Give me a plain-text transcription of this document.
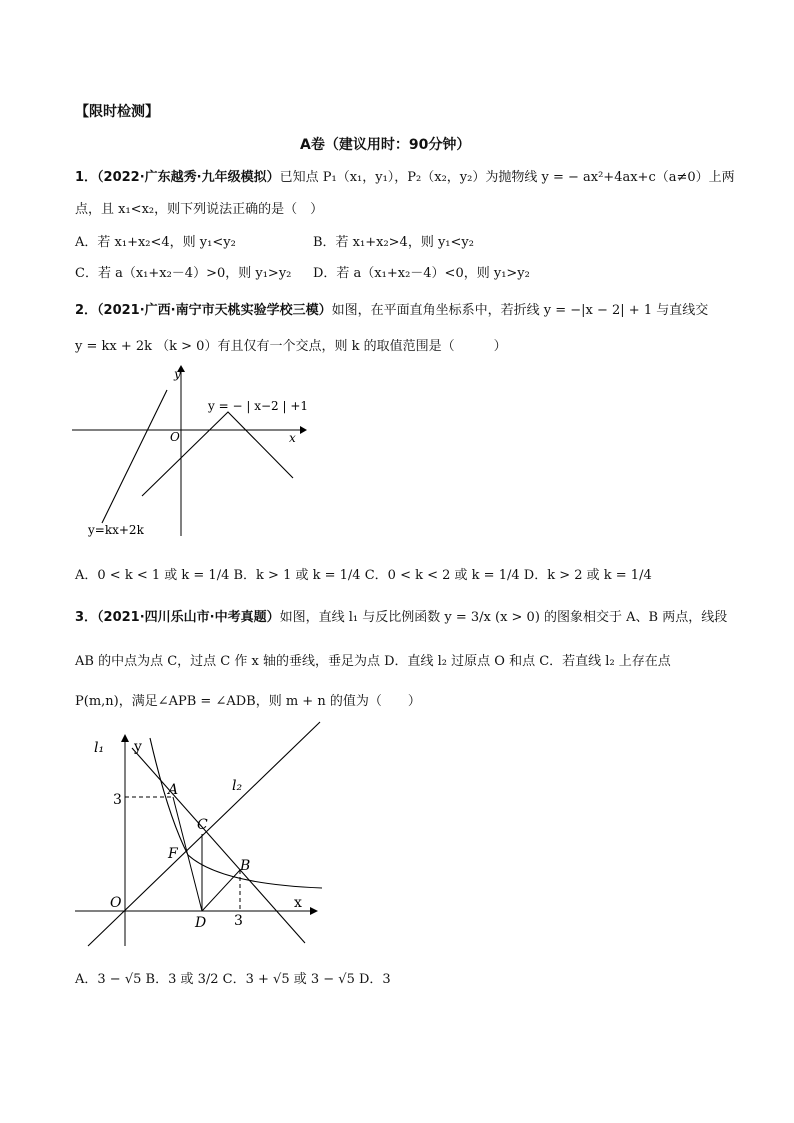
【限时检测】
A卷（建议用时：90分钟）
1．（2022·广东越秀·九年级模拟）已知点 P₁（x₁，y₁），P₂（x₂，y₂）为抛物线 y = − ax²+4ax+c（a≠0）上两
点，且 x₁<x₂，则下列说法正确的是（　）
A．若 x₁+x₂<4，则 y₁<y₂	B．若 x₁+x₂>4，则 y₁<y₂
C．若 a（x₁+x₂－4）>0，则 y₁>y₂ D．若 a（x₁+x₂－4）<0，则 y₁>y₂
2．（2021·广西·南宁市天桃实验学校三模）如图，在平面直角坐标系中，若折线 y = −|x − 2| + 1 与直线交
y = kx + 2k （k > 0）有且仅有一个交点，则 k 的取值范围是（　　　）
y
x
O
y = − | x−2 | +1
y=kx+2k
A．0 < k < 1 或 k = 1/4 B．k > 1 或 k = 1/4 C．0 < k < 2 或 k = 1/4 D．k > 2 或 k = 1/4
3．（2021·四川乐山市·中考真题）如图，直线 l₁ 与反比例函数 y = 3/x (x > 0) 的图象相交于 A、B 两点，线段
AB 的中点为点 C，过点 C 作 x 轴的垂线，垂足为点 D．直线 l₂ 过原点 O 和点 C．若直线 l₂ 上存在点
P(m,n)，满足∠APB = ∠ADB，则 m + n 的值为（　　）
l₁ y
l₂
3
A
C
F
B
O	x
D 3
A．3 − √5 B．3 或 3/2 C．3 + √5 或 3 − √5 D．3
